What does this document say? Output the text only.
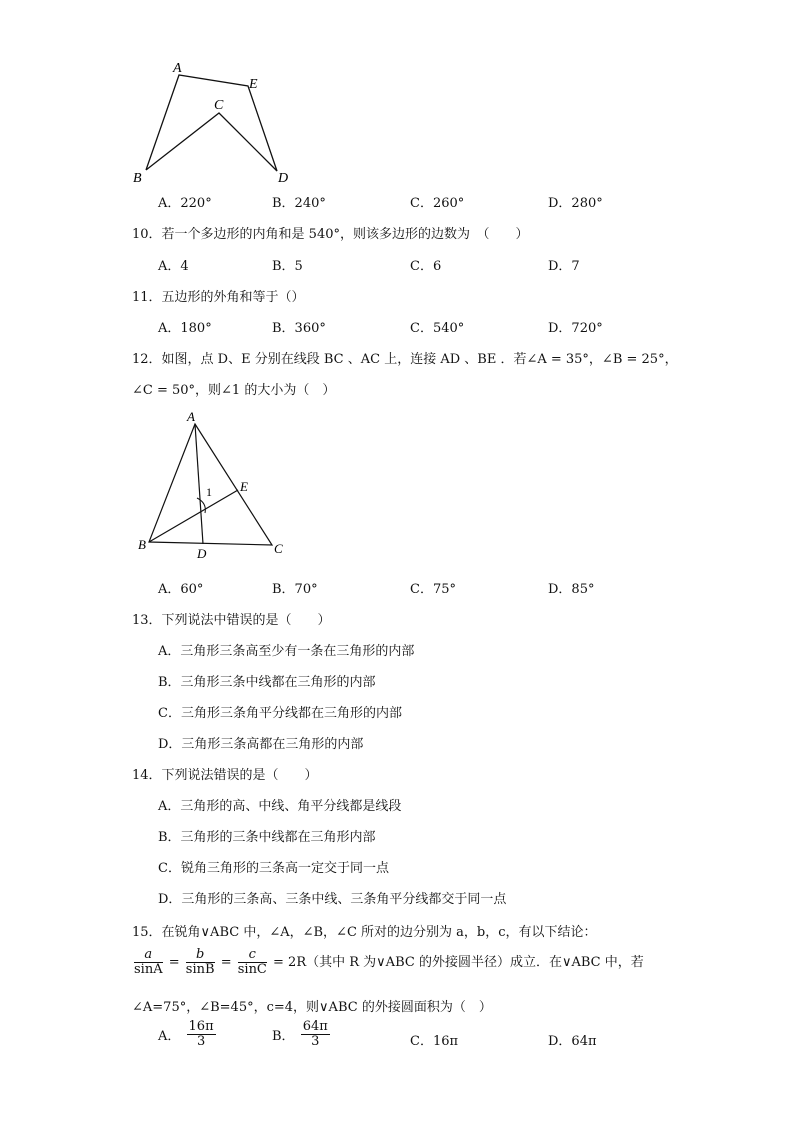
A
E
C
B	D
A．220°	B．240°	C．260°	D．280°
10．若一个多边形的内角和是 540°，则该多边形的边数为　（　　）
A．4	B．5	C．6	D．7
11．五边形的外角和等于（）
A．180°	B．360°	C．540°	D．720°
12．如图，点 D、E 分别在线段 BC 、AC 上，连接 AD 、BE ．若∠A = 35°，∠B = 25°，
∠C = 50°，则∠1 的大小为（　）
A
E
1
B
D	C
A．60°	B．70°	C．75°	D．85°
13．下列说法中错误的是（　　）
A．三角形三条高至少有一条在三角形的内部
B．三角形三条中线都在三角形的内部
C．三角形三条角平分线都在三角形的内部
D．三角形三条高都在三角形的内部
14．下列说法错误的是（　　）
A．三角形的高、中线、角平分线都是线段
B．三角形的三条中线都在三角形内部
C．锐角三角形的三条高一定交于同一点
D．三角形的三条高、三条中线、三条角平分线都交于同一点
15．在锐角∨ABC 中，∠A，∠B，∠C 所对的边分别为 a，b，c，有以下结论：
$\frac{a}{\sin A} = \frac{b}{\sin B} = \frac{c}{\sin C} = 2R$（其中 R 为∨ABC 的外接圆半径）成立．在∨ABC 中，若
∠A=75°，∠B=45°，c=4，则∨ABC 的外接圆面积为（　）
A． $\frac{16\pi}{3}$	B． $\frac{64\pi}{3}$	C．16π	D．64π
